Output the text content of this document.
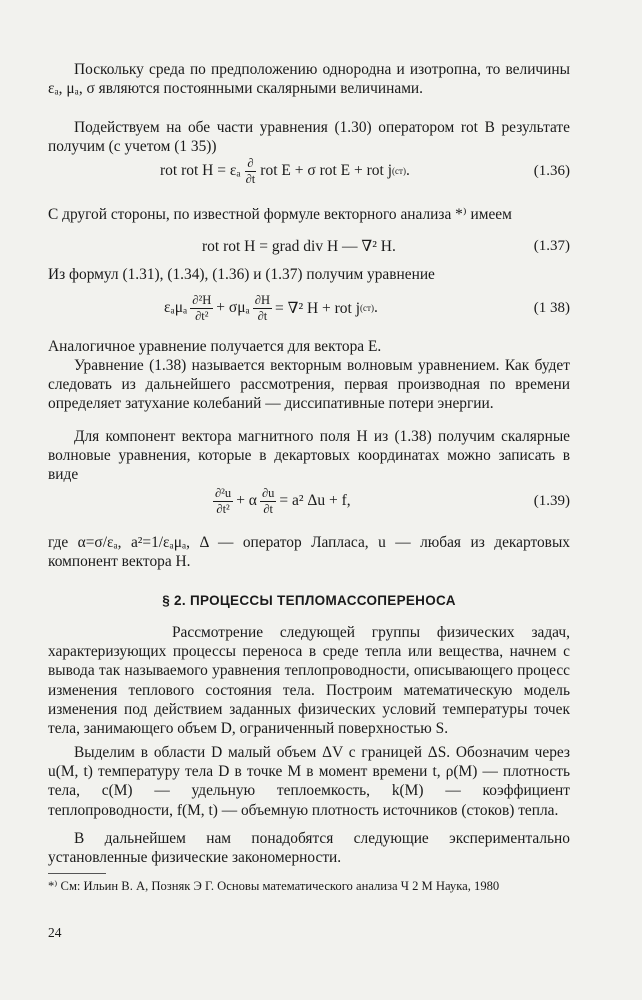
Поскольку среда по предположению однородна и изотропна, то величины εₐ, μₐ, σ являются постоянными скалярными величинами.
Подействуем на обе части уравнения (1.30) оператором rot В результате получим (с учетом (1 35))
rot rot H = εₐ $\frac{\partial}{\partial t}$ rot E + σ rot E + rot j (ст) .	(1.36)
С другой стороны, по известной формуле векторного анализа *⁾ имеем
rot rot H = grad div H — ∇² H.	(1.37)
Из формул (1.31), (1.34), (1.36) и (1.37) получим уравнение
εₐμₐ $\frac{\text{∂²H}}{\text{∂t²}} + \sigma\mu_a \frac{\partial H}{\partial t} = \nabla^2$ H + rot j (ст) .	(1 38)
Аналогичное уравнение получается для вектора E.
Уравнение (1.38) называется векторным волновым уравнением. Как будет следовать из дальнейшего рассмотрения, первая производная по времени определяет затухание колебаний — диссипативные потери энергии.
Для компонент вектора магнитного поля H из (1.38) получим скалярные волновые уравнения, которые в декартовых координатах можно записать в виде
$\frac{\text{∂²u}}{\text{∂t²}} + \alpha \frac{\partial u}{\partial t} = a^2$ Δu + f,	(1.39)
где α=σ/εₐ, a²=1/εₐμₐ, Δ — оператор Лапласа, u — любая из декартовых компонент вектора H.
§ 2. ПРОЦЕССЫ ТЕПЛОМАССОПЕРЕНОСА
Рассмотрение следующей группы физических задач, характеризующих процессы переноса в среде тепла или вещества, начнем с вывода так называемого уравнения теплопроводности, описывающего процесс изменения теплового состояния тела. Построим математическую модель изменения под действием заданных физических условий температуры точек тела, занимающего объем D, ограниченный поверхностью S.
Выделим в области D малый объем ΔV с границей ΔS. Обозначим через u(M, t) температуру тела D в точке M в момент времени t, ρ(M) — плотность тела, c(M) — удельную теплоемкость, k(M) — коэффициент теплопроводности, f(M, t) — объемную плотность источников (стоков) тепла.
В дальнейшем нам понадобятся следующие экспериментально установленные физические закономерности.
*⁾ См: Ильин В. А, Позняк Э Г. Основы математического анализа Ч 2 М Наука, 1980
24
